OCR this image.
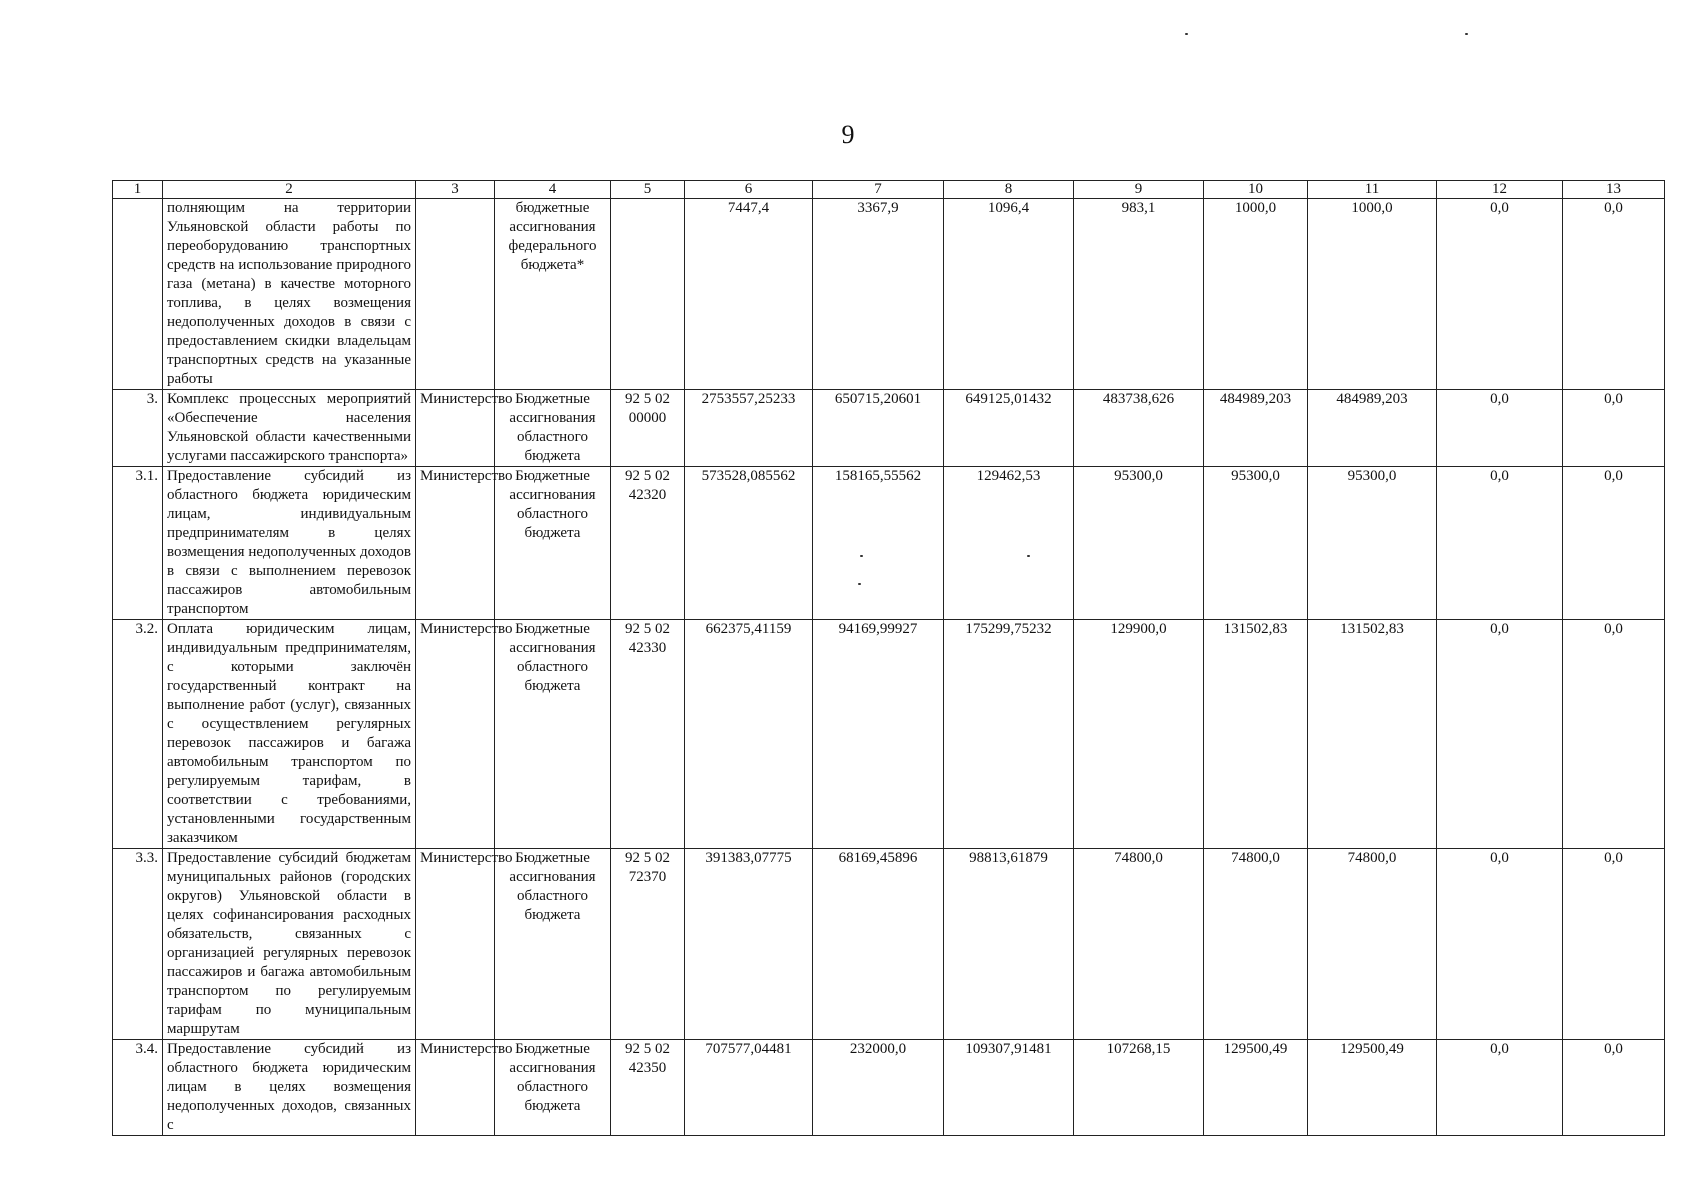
9
1	2	3	4	5	6	7	8	9	10	11	12	13
	полняющим на территории Ульяновской области работы по переоборудованию транспортных средств на использование природного газа (метана) в качестве моторного топлива, в целях возмещения недополученных доходов в связи с предоставлением скидки владельцам транспортных средств на указанные работы		бюджетные ассигнования федерального бюджета*		7447,4	3367,9	1096,4	983,1	1000,0	1000,0	0,0	0,0
3.	Комплекс процессных мероприятий «Обеспечение населения Ульяновской области качественными услугами пассажирского транспорта»	Министерство	Бюджетные ассигнования областного бюджета	92 5 02 00000	2753557,25233	650715,20601	649125,01432	483738,626	484989,203	484989,203	0,0	0,0
3.1.	Предоставление субсидий из областного бюджета юридическим лицам, индивидуальным предпринимателям в целях возмещения недополученных доходов в связи с выполнением перевозок пассажиров автомобильным транспортом	Министерство	Бюджетные ассигнования областного бюджета	92 5 02 42320	573528,085562	158165,55562	129462,53	95300,0	95300,0	95300,0	0,0	0,0
3.2.	Оплата юридическим лицам, индивидуальным предпринимателям, с которыми заключён государственный контракт на выполнение работ (услуг), связанных с осуществлением регулярных перевозок пассажиров и багажа автомобильным транспортом по регулируемым тарифам, в соответствии с требованиями, установленными государственным заказчиком	Министерство	Бюджетные ассигнования областного бюджета	92 5 02 42330	662375,41159	94169,99927	175299,75232	129900,0	131502,83	131502,83	0,0	0,0
3.3.	Предоставление субсидий бюджетам муниципальных районов (городских округов) Ульяновской области в целях софинансирования расходных обязательств, связанных с организацией регулярных перевозок пассажиров и багажа автомобильным транспортом по регулируемым тарифам по муниципальным маршрутам	Министерство	Бюджетные ассигнования областного бюджета	92 5 02 72370	391383,07775	68169,45896	98813,61879	74800,0	74800,0	74800,0	0,0	0,0
3.4.	Предоставление субсидий из областного бюджета юридическим лицам в целях возмещения недополученных доходов, связанных с	Министерство	Бюджетные ассигнования областного бюджета	92 5 02 42350	707577,04481	232000,0	109307,91481	107268,15	129500,49	129500,49	0,0	0,0
